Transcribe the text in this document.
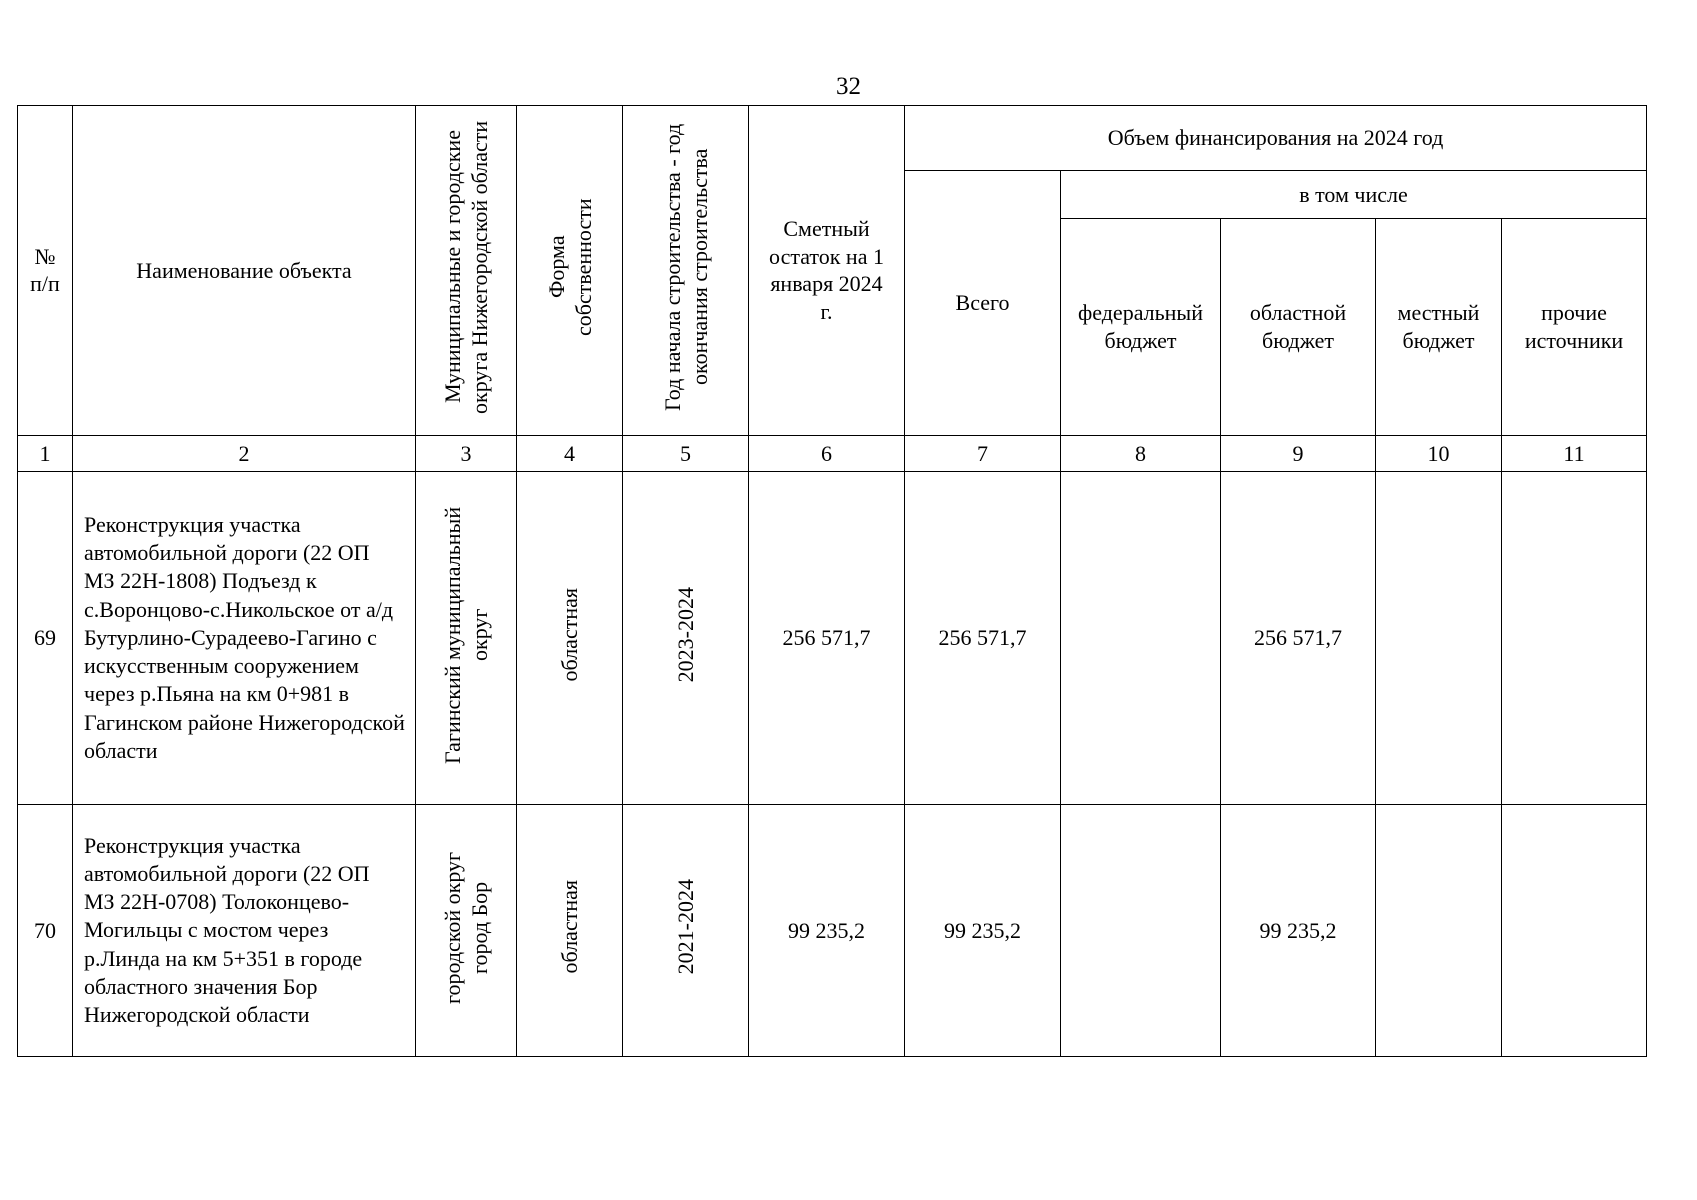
32
№ п/п	Наименование объекта	Муниципальные и городские округа Нижегородской области	Форма собственности	Год начала строительства - год окончания строительства	Сметный остаток на 1 января 2024 г.	Объем финансирования на 2024 год				
						Всего	в том числе			
							федеральный бюджет	областной бюджет	местный бюджет	прочие источники
1	2	3	4	5	6	7	8	9	10	11
69	Реконструкция участка автомобильной дороги (22 ОП МЗ 22Н-1808) Подъезд к с.Воронцово-с.Никольское от а/д Бутурлино-Сурадеево-Гагино с искусственным сооружением через р.Пьяна на км 0+981 в Гагинском районе Нижегородской области	Гагинский муниципальный округ	областная	2023-2024	256 571,7	256 571,7		256 571,7		
70	Реконструкция участка автомобильной дороги (22 ОП МЗ 22Н-0708) Толоконцево-Могильцы с мостом через р.Линда на км 5+351 в городе областного значения Бор Нижегородской области	городской округ город Бор	областная	2021-2024	99 235,2	99 235,2		99 235,2		
